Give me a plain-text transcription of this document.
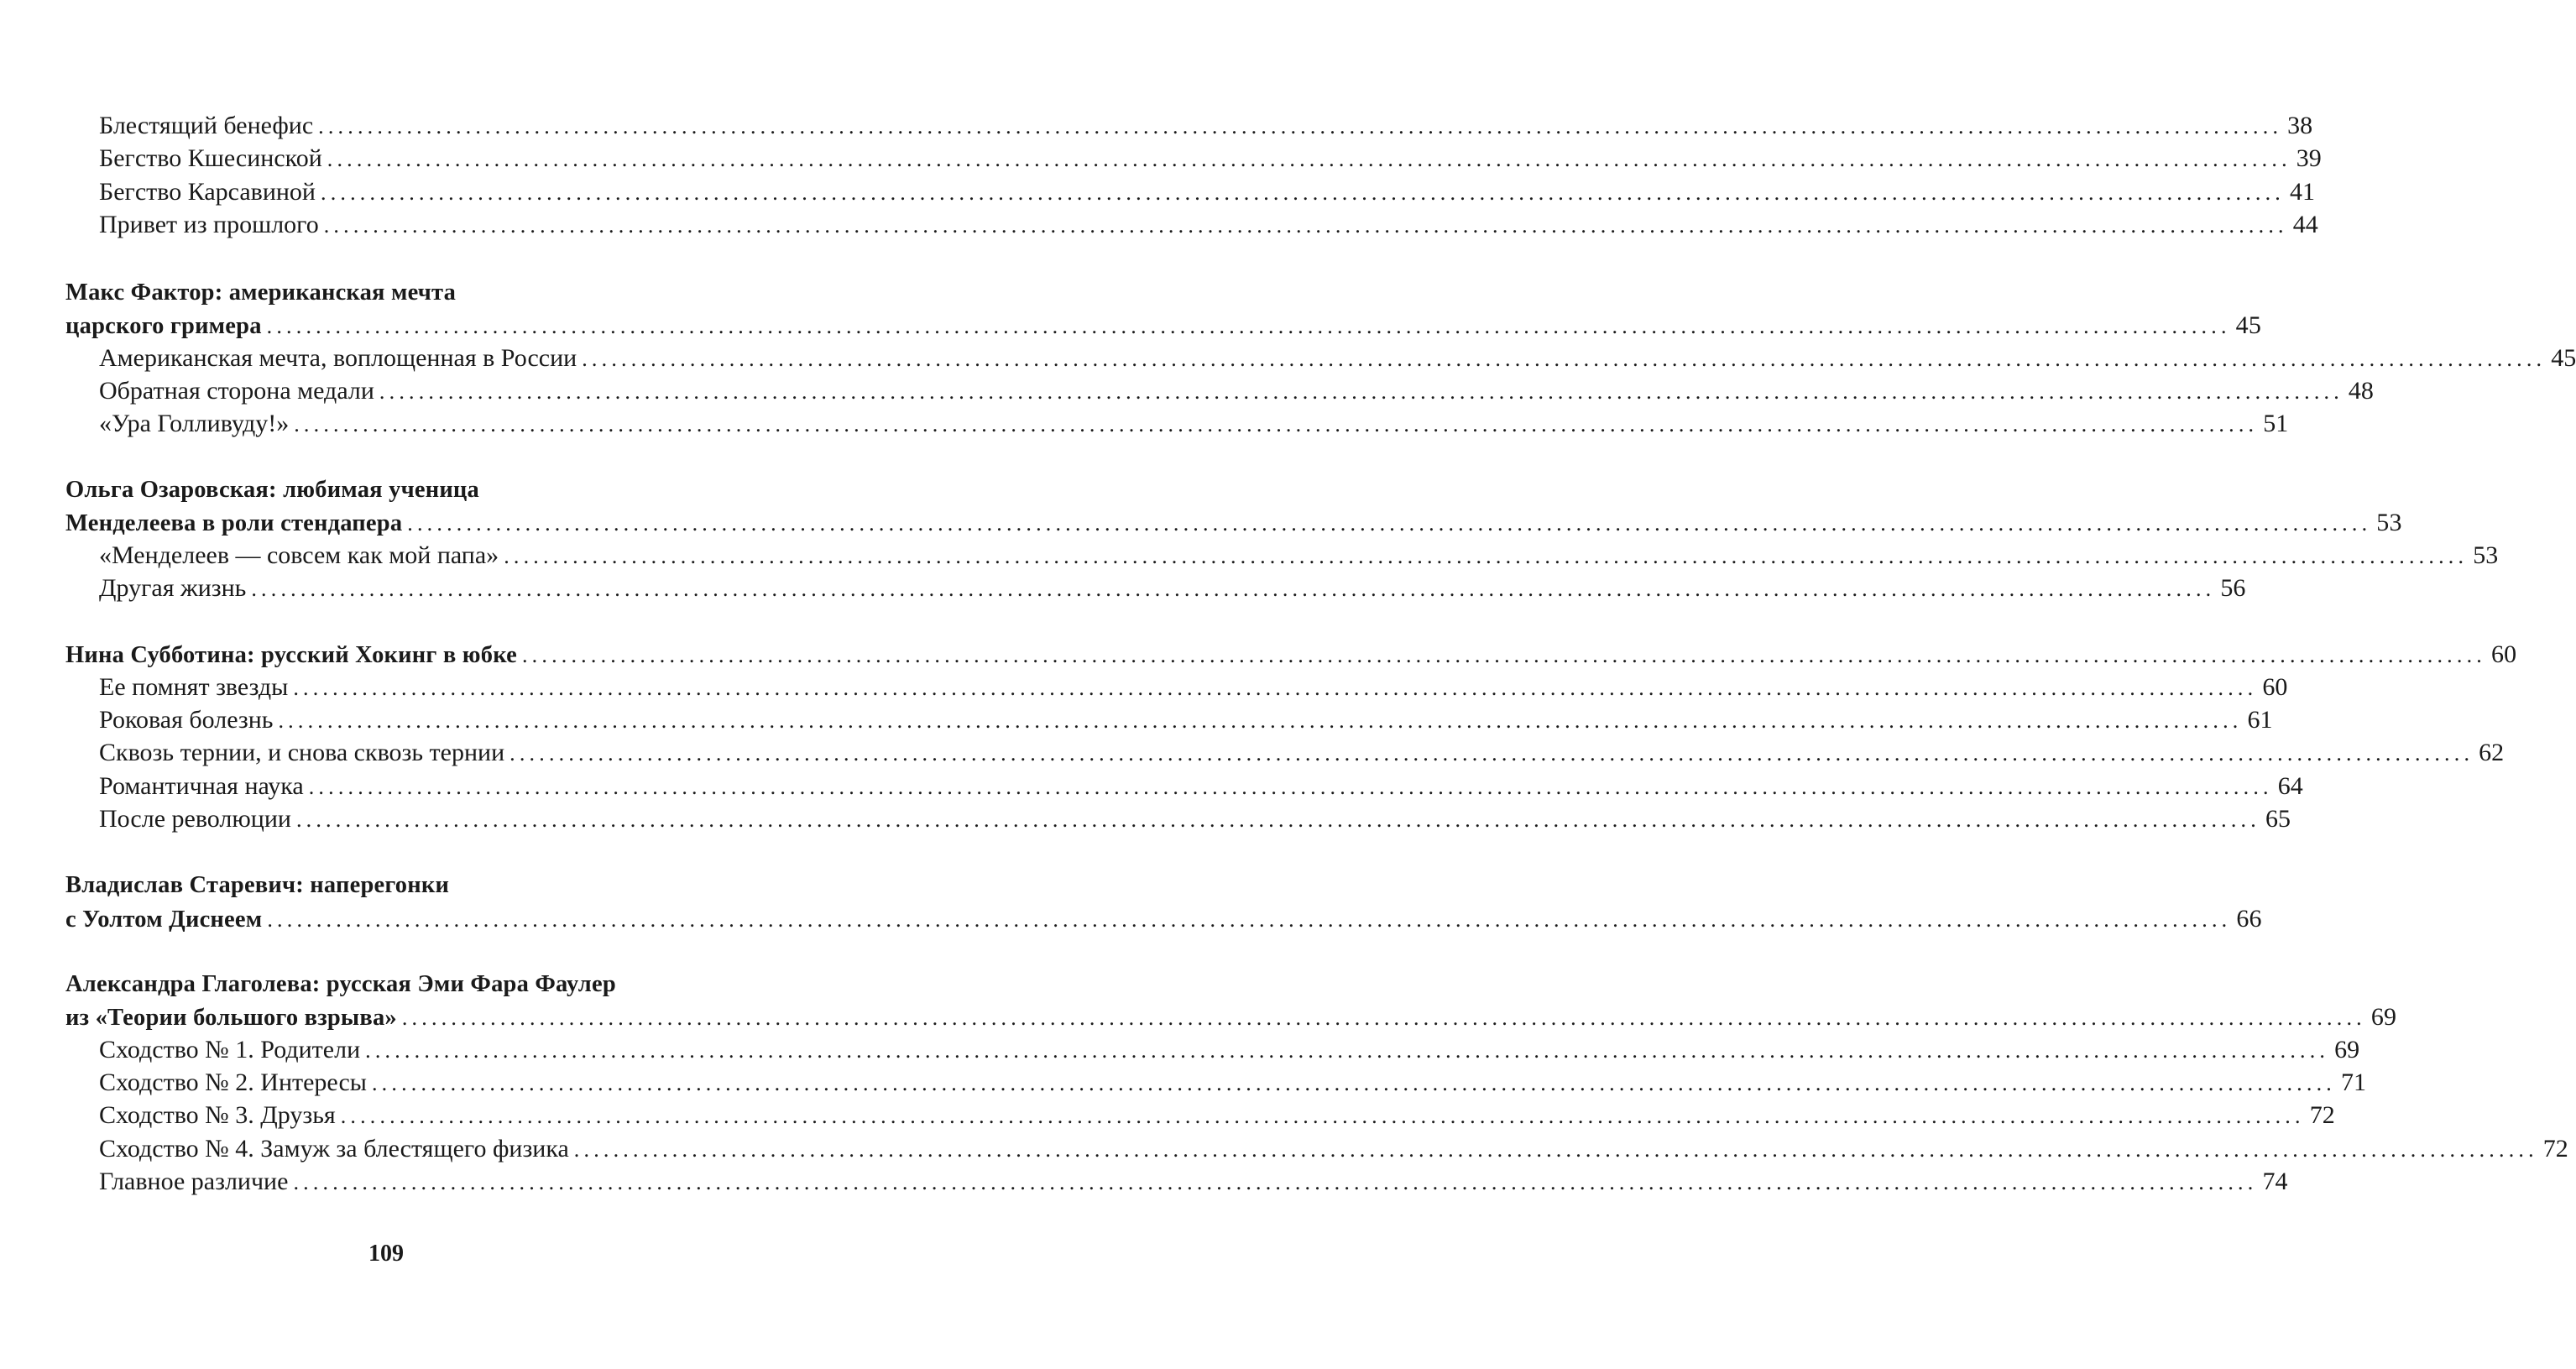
Блестящий бенефис ........................................................................................................................................................................................................ 38
Бегство Кшесинской ........................................................................................................................................................................................................ 39
Бегство Карсавиной ........................................................................................................................................................................................................ 41
Привет из прошлого ........................................................................................................................................................................................................ 44
Макс Фактор: американская мечта
царского гримера ........................................................................................................................................................................................................ 45
Американская мечта, воплощенная в России ........................................................................................................................................................................................................ 45
Обратная сторона медали ........................................................................................................................................................................................................ 48
«Ура Голливуду!» ........................................................................................................................................................................................................ 51
Ольга Озаровская: любимая ученица
Менделеева в роли стендапера ........................................................................................................................................................................................................ 53
«Менделеев — совсем как мой папа» ........................................................................................................................................................................................................ 53
Другая жизнь ........................................................................................................................................................................................................ 56
Нина Субботина: русский Хокинг в юбке ........................................................................................................................................................................................................ 60
Ее помнят звезды ........................................................................................................................................................................................................ 60
Роковая болезнь ........................................................................................................................................................................................................ 61
Сквозь тернии, и снова сквозь тернии ........................................................................................................................................................................................................ 62
Романтичная наука ........................................................................................................................................................................................................ 64
После революции ........................................................................................................................................................................................................ 65
Владислав Старевич: наперегонки
с Уолтом Диснеем ........................................................................................................................................................................................................ 66
Александра Глаголева: русская Эми Фара Фаулер
из «Теории большого взрыва» ........................................................................................................................................................................................................ 69
Сходство № 1. Родители ........................................................................................................................................................................................................ 69
Сходство № 2. Интересы ........................................................................................................................................................................................................ 71
Сходство № 3. Друзья ........................................................................................................................................................................................................ 72
Сходство № 4. Замуж за блестящего физика ........................................................................................................................................................................................................ 72
Главное различие ........................................................................................................................................................................................................ 74
109
